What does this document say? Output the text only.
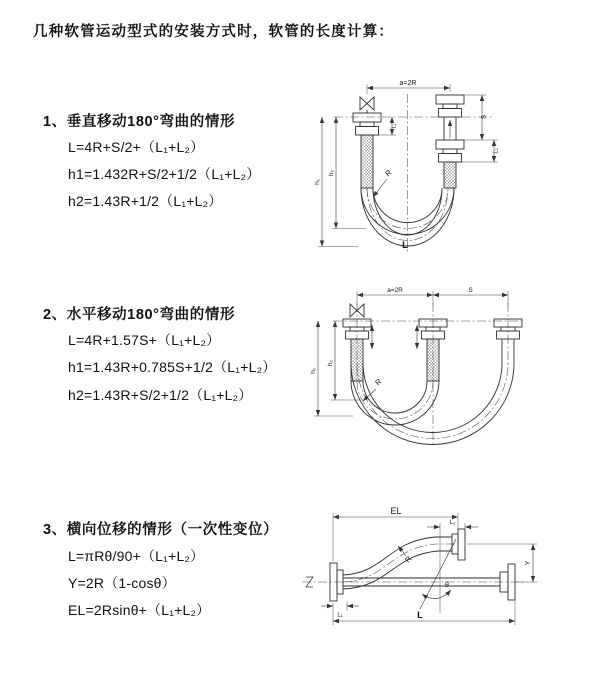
几种软管运动型式的安装方式时，软管的长度计算：
1、垂直移动180°弯曲的情形
L=4R+S/2+（L₁+L₂）
h1=1.432R+S/2+1/2（L₁+L₂）
h2=1.43R+1/2（L₁+L₂）
a=2R
S
L₂
L₁
h₁
h₂	R
L
2、水平移动180°弯曲的情形
L=4R+1.57S+（L₁+L₂）
h1=1.43R+0.785S+1/2（L₁+L₂）
h2=1.43R+S/2+1/2（L₁+L₂）
a=2R	S
h₁
h₂
R
3、横向位移的情形（一次性变位）
L=πRθ/90+（L₁+L₂）
Y=2R（1-cosθ）
EL=2Rsinθ+（L₁+L₂）
EL
L₂
Y
L
L₁
R
θ
